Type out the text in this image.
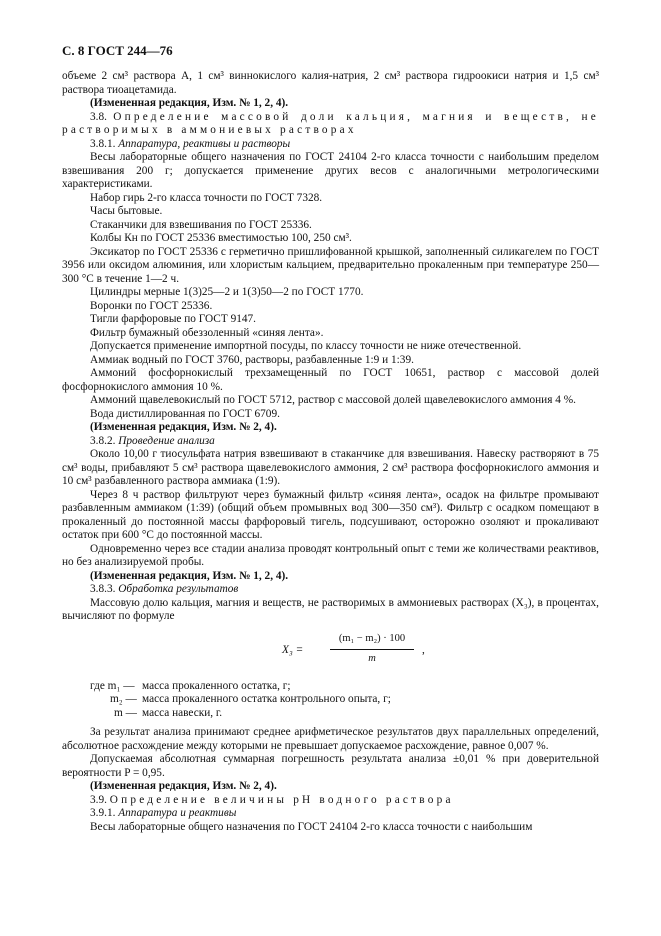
С. 8 ГОСТ 244—76

объеме 2 см³ раствора А, 1 см³ виннокислого калия-натрия, 2 см³ раствора гидроокиси натрия и 1,5 см³ раствора тиоацетамида.

(Измененная редакция, Изм. № 1, 2, 4).

3.8. Определение массовой доли кальция, магния и веществ, не растворимых в аммониевых растворах

3.8.1. Аппаратура, реактивы и растворы

Весы лабораторные общего назначения по ГОСТ 24104 2-го класса точности с наибольшим пределом взвешивания 200 г; допускается применение других весов с аналогичными метрологическими характеристиками.

Набор гирь 2-го класса точности по ГОСТ 7328.

Часы бытовые.

Стаканчики для взвешивания по ГОСТ 25336.

Колбы Кн по ГОСТ 25336 вместимостью 100, 250 см³.

Эксикатор по ГОСТ 25336 с герметично пришлифованной крышкой, заполненный силикагелем по ГОСТ 3956 или оксидом алюминия, или хлористым кальцием, предварительно прокаленным при температуре 250—300 °С в течение 1—2 ч.

Цилиндры мерные 1(3)25—2 и 1(3)50—2 по ГОСТ 1770.

Воронки по ГОСТ 25336.

Тигли фарфоровые по ГОСТ 9147.

Фильтр бумажный обеззоленный «синяя лента».

Допускается применение импортной посуды, по классу точности не ниже отечественной.

Аммиак водный по ГОСТ 3760, растворы, разбавленные 1:9 и 1:39.

Аммоний фосфорнокислый трехзамещенный по ГОСТ 10651, раствор с массовой долей фосфорнокислого аммония 10 %.

Аммоний щавелевокислый по ГОСТ 5712, раствор с массовой долей щавелевокислого аммония 4 %.

Вода дистиллированная по ГОСТ 6709.

(Измененная редакция, Изм. № 2, 4).

3.8.2. Проведение анализа

Около 10,00 г тиосульфата натрия взвешивают в стаканчике для взвешивания. Навеску растворяют в 75 см³ воды, прибавляют 5 см³ раствора щавелевокислого аммония, 2 см³ раствора фосфорнокислого аммония и 10 см³ разбавленного раствора аммиака (1:9).

Через 8 ч раствор фильтруют через бумажный фильтр «синяя лента», осадок на фильтре промывают разбавленным аммиаком (1:39) (общий объем промывных вод 300—350 см³). Фильтр с осадком помещают в прокаленный до постоянной массы фарфоровый тигель, подсушивают, осторожно озоляют и прокаливают остаток при 600 °С до постоянной массы.

Одновременно через все стадии анализа проводят контрольный опыт с теми же количествами реактивов, но без анализируемой пробы.

(Измененная редакция, Изм. № 1, 2, 4).

3.8.3. Обработка результатов

Массовую долю кальция, магния и веществ, не растворимых в аммониевых растворах (X₃), в процентах, вычисляют по формуле

X₃ =
(m₁ − m₂) · 100
m
,
где m₁ — масса прокаленного остатка, г;
m₂ — масса прокаленного остатка контрольного опыта, г;
m — масса навески, г.

За результат анализа принимают среднее арифметическое результатов двух параллельных определений, абсолютное расхождение между которыми не превышает допускаемое расхождение, равное 0,007 %.

Допускаемая абсолютная суммарная погрешность результата анализа ±0,01 % при доверительной вероятности P = 0,95.

(Измененная редакция, Изм. № 2, 4).

3.9. Определение величины pH водного раствора

3.9.1. Аппаратура и реактивы

Весы лабораторные общего назначения по ГОСТ 24104 2-го класса точности с наибольшим
